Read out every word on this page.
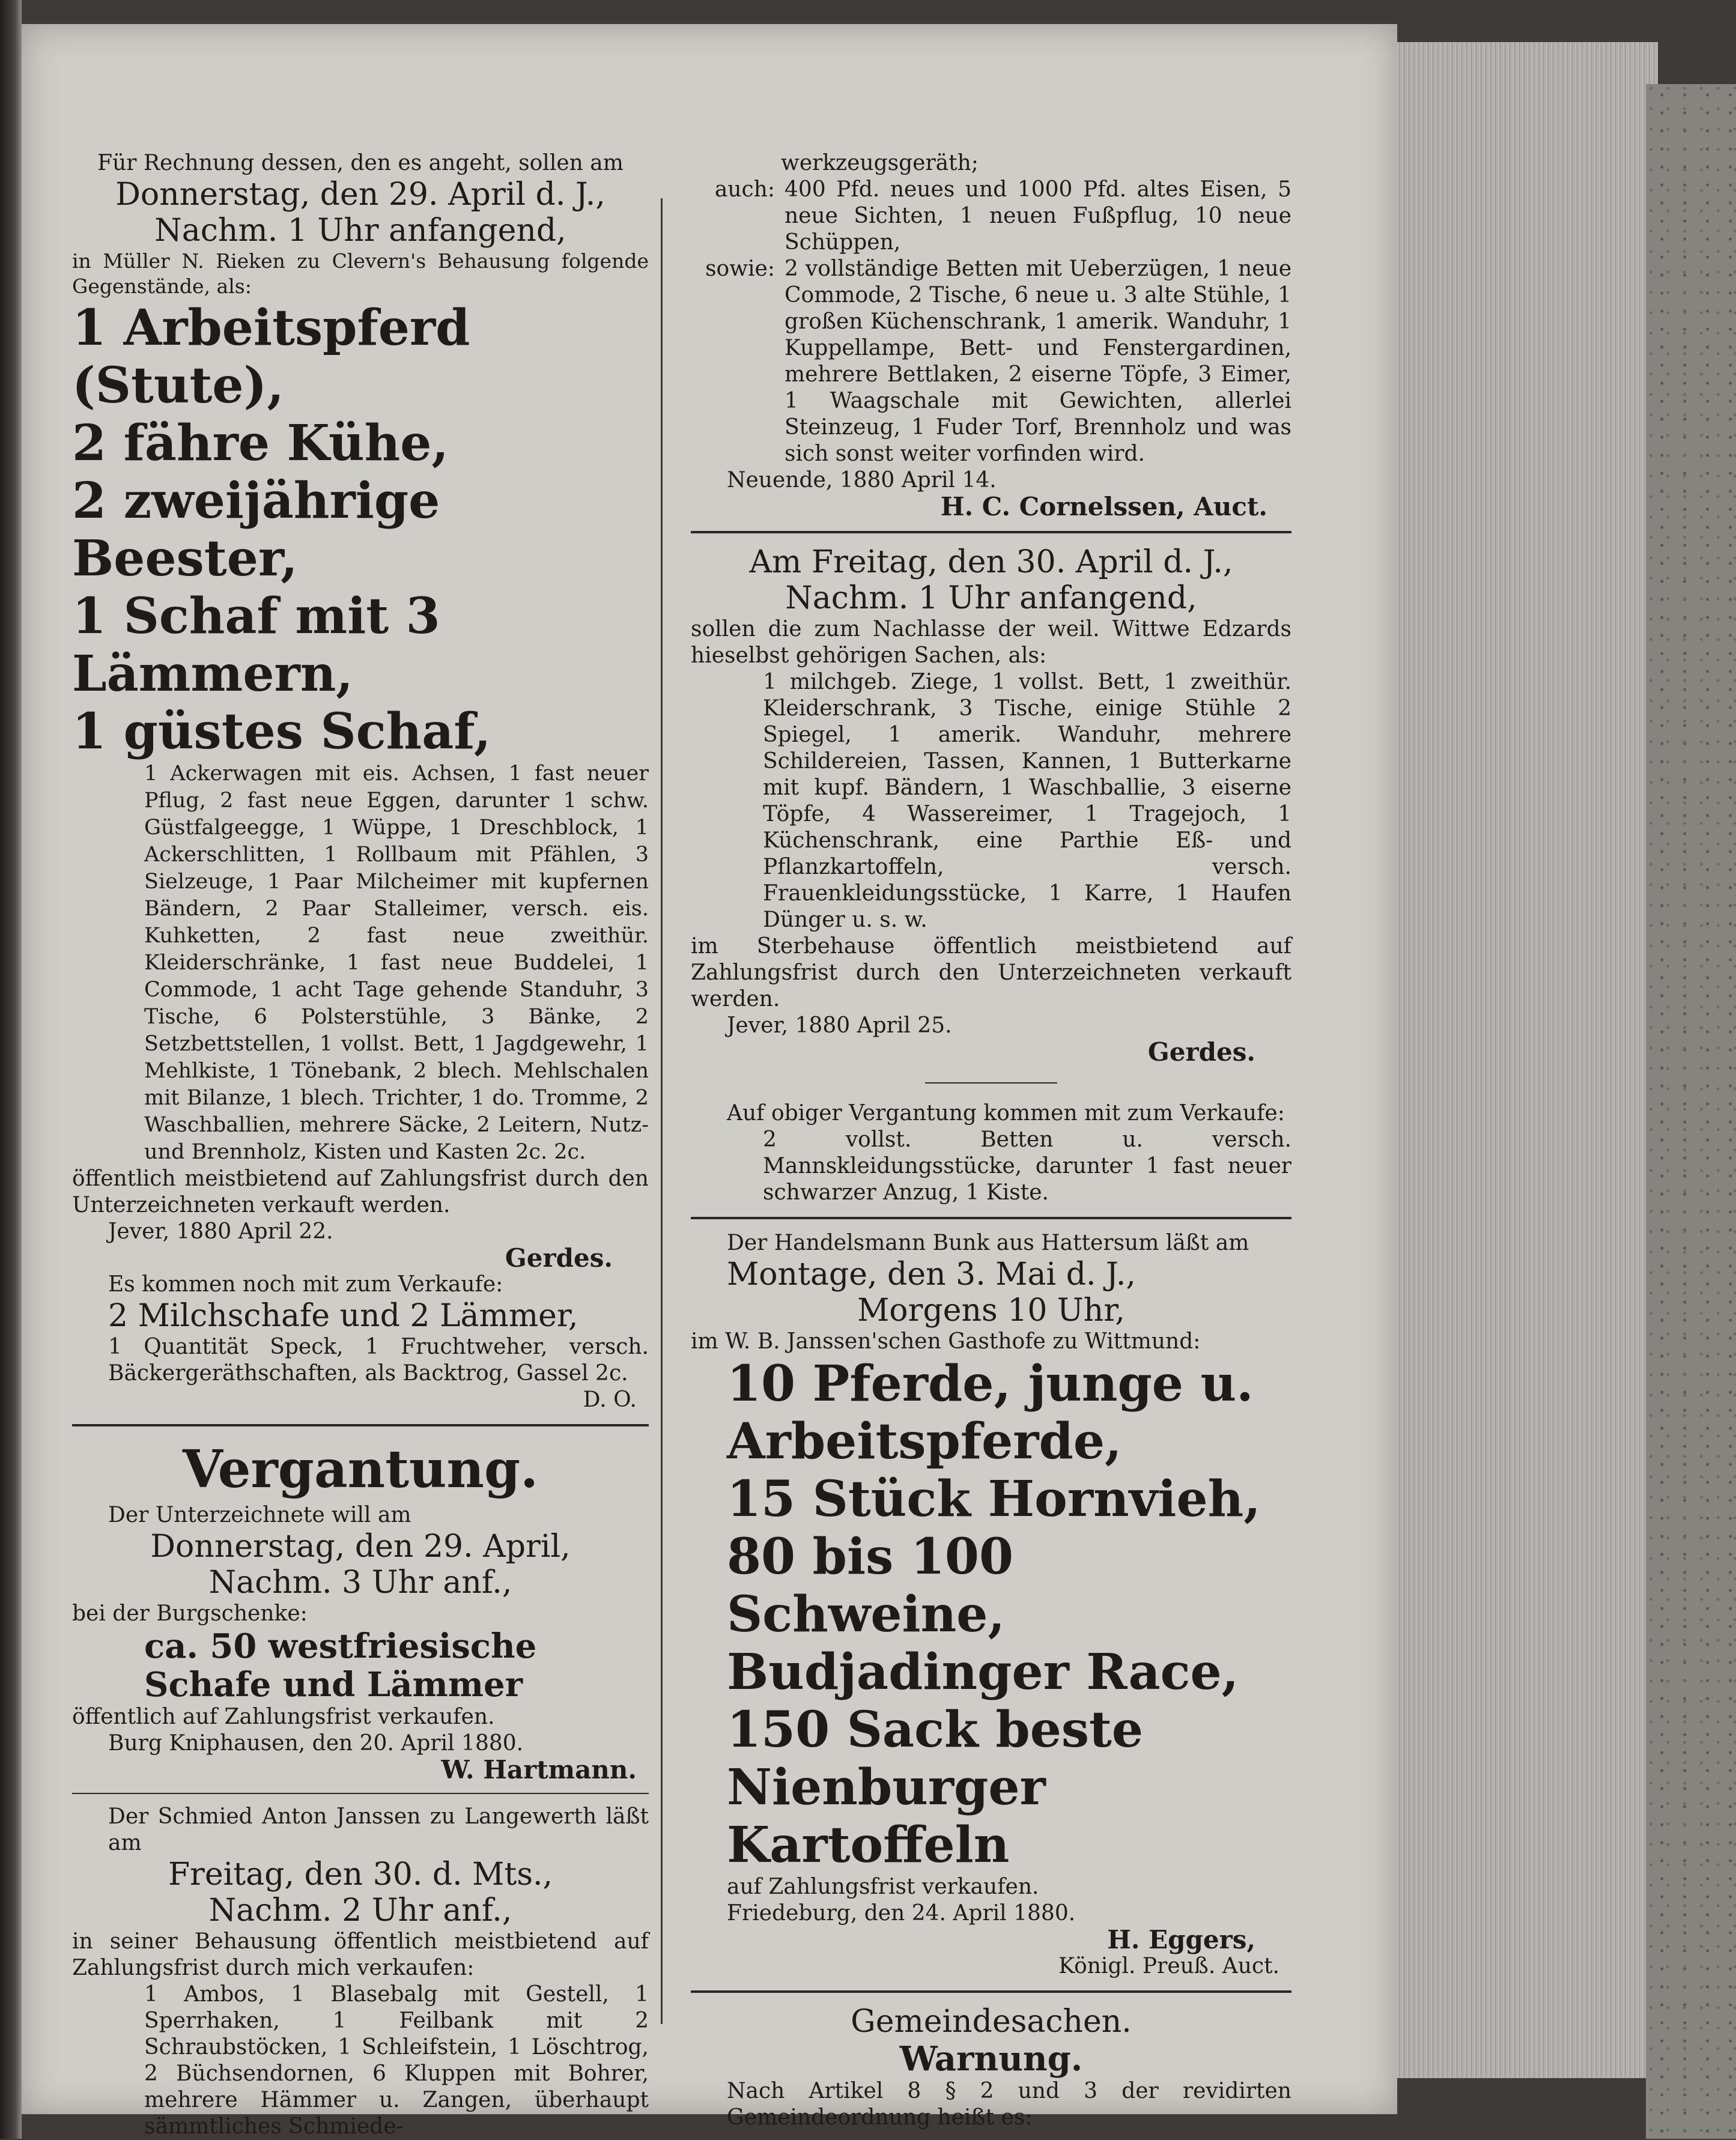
Für Rechnung dessen, den es angeht, sollen am

Donnerstag, den 29. April d. J.,

Nachm. 1 Uhr anfangend,

in Müller N. Rieken zu Clevern's Behausung folgende Gegenstände, als:

1 Arbeitspferd (Stute),

2 fähre Kühe,

2 zweijährige Beester,

1 Schaf mit 3 Lämmern,

1 güstes Schaf,

1 Ackerwagen mit eis. Achsen, 1 fast neuer Pflug, 2 fast neue Eggen, darunter 1 schw. Güstfalgeegge, 1 Wüppe, 1 Dreschblock, 1 Ackerschlitten, 1 Rollbaum mit Pfählen, 3 Sielzeuge, 1 Paar Milcheimer mit kupfernen Bändern, 2 Paar Stalleimer, versch. eis. Kuhketten, 2 fast neue zweithür. Kleiderschränke, 1 fast neue Buddelei, 1 Commode, 1 acht Tage gehende Standuhr, 3 Tische, 6 Polsterstühle, 3 Bänke, 2 Setzbettstellen, 1 vollst. Bett, 1 Jagdgewehr, 1 Mehlkiste, 1 Tönebank, 2 blech. Mehlschalen mit Bilanze, 1 blech. Trichter, 1 do. Tromme, 2 Waschballien, mehrere Säcke, 2 Leitern, Nutz- und Brennholz, Kisten und Kasten 2c. 2c.

öffentlich meistbietend auf Zahlungsfrist durch den Unterzeichneten verkauft werden.

Jever, 1880 April 22.

Gerdes.

Es kommen noch mit zum Verkaufe:

2 Milchschafe und 2 Lämmer,

1 Quantität Speck, 1 Fruchtweher, versch. Bäckergeräthschaften, als Backtrog, Gassel 2c.

D. O.

Vergantung.

Der Unterzeichnete will am

Donnerstag, den 29. April,

Nachm. 3 Uhr anf.,

bei der Burgschenke:

ca. 50 westfriesische Schafe und Lämmer

öffentlich auf Zahlungsfrist verkaufen.

Burg Kniphausen, den 20. April 1880.

W. Hartmann.

Der Schmied Anton Janssen zu Langewerth läßt am

Freitag, den 30. d. Mts.,

Nachm. 2 Uhr anf.,

in seiner Behausung öffentlich meistbietend auf Zahlungsfrist durch mich verkaufen:

1 Ambos, 1 Blasebalg mit Gestell, 1 Sperrhaken, 1 Feilbank mit 2 Schraubstöcken, 1 Schleifstein, 1 Löschtrog, 2 Büchsendornen, 6 Kluppen mit Bohrer, mehrere Hämmer u. Zangen, überhaupt sämmtliches Schmiede-

werkzeugsgeräth;

auch: 400 Pfd. neues und 1000 Pfd. altes Eisen, 5 neue Sichten, 1 neuen Fußpflug, 10 neue Schüppen,
sowie: 2 vollständige Betten mit Ueberzügen, 1 neue Commode, 2 Tische, 6 neue u. 3 alte Stühle, 1 großen Küchenschrank, 1 amerik. Wanduhr, 1 Kuppellampe, Bett- und Fenstergardinen, mehrere Bettlaken, 2 eiserne Töpfe, 3 Eimer, 1 Waagschale mit Gewichten, allerlei Steinzeug, 1 Fuder Torf, Brennholz und was sich sonst weiter vorfinden wird.

Neuende, 1880 April 14.

H. C. Cornelssen, Auct.

Am Freitag, den 30. April d. J.,

Nachm. 1 Uhr anfangend,

sollen die zum Nachlasse der weil. Wittwe Edzards hieselbst gehörigen Sachen, als:

1 milchgeb. Ziege, 1 vollst. Bett, 1 zweithür. Kleiderschrank, 3 Tische, einige Stühle 2 Spiegel, 1 amerik. Wanduhr, mehrere Schildereien, Tassen, Kannen, 1 Butterkarne mit kupf. Bändern, 1 Waschballie, 3 eiserne Töpfe, 4 Wassereimer, 1 Tragejoch, 1 Küchenschrank, eine Parthie Eß- und Pflanzkartoffeln, versch. Frauenkleidungsstücke, 1 Karre, 1 Haufen Dünger u. s. w.

im Sterbehause öffentlich meistbietend auf Zahlungsfrist durch den Unterzeichneten verkauft werden.

Jever, 1880 April 25.

Gerdes.

Auf obiger Vergantung kommen mit zum Verkaufe:

2 vollst. Betten u. versch. Mannskleidungsstücke, darunter 1 fast neuer schwarzer Anzug, 1 Kiste.

Der Handelsmann Bunk aus Hattersum läßt am

Montage, den 3. Mai d. J.,

Morgens 10 Uhr,

im W. B. Janssen'schen Gasthofe zu Wittmund:

10 Pferde, junge u. Arbeitspferde,

15 Stück Hornvieh,

80 bis 100 Schweine, Budjadinger Race,

150 Sack beste Nienburger Kartoffeln

auf Zahlungsfrist verkaufen.

Friedeburg, den 24. April 1880.

H. Eggers,

Königl. Preuß. Auct.

Gemeindesachen.

Warnung.

Nach Artikel 8 § 2 und 3 der revidirten Gemeindeordnung heißt es:
